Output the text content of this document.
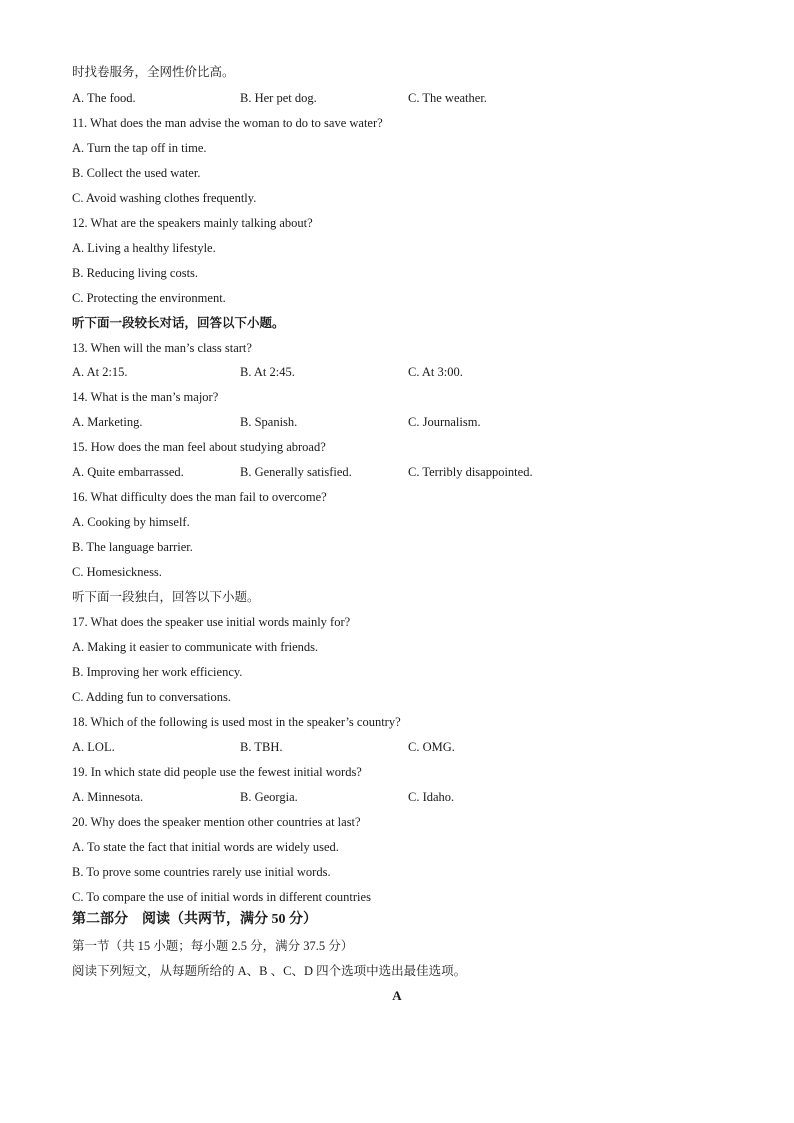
时找卷服务，全网性价比高。
A. The food.	B. Her pet dog.	C. The weather.
11. What does the man advise the woman to do to save water?
A. Turn the tap off in time.
B. Collect the used water.
C. Avoid washing clothes frequently.
12. What are the speakers mainly talking about?
A. Living a healthy lifestyle.
B. Reducing living costs.
C. Protecting the environment.
听下面一段较长对话，回答以下小题。
13. When will the man’s class start?
A. At 2:15.	B. At 2:45.	C. At 3:00.
14. What is the man’s major?
A. Marketing.	B. Spanish.	C. Journalism.
15. How does the man feel about studying abroad?
A. Quite embarrassed.	B. Generally satisfied.	C. Terribly disappointed.
16. What difficulty does the man fail to overcome?
A. Cooking by himself.
B. The language barrier.
C. Homesickness.
听下面一段独白，回答以下小题。
17. What does the speaker use initial words mainly for?
A. Making it easier to communicate with friends.
B. Improving her work efficiency.
C. Adding fun to conversations.
18. Which of the following is used most in the speaker’s country?
A. LOL.	B. TBH.	C. OMG.
19. In which state did people use the fewest initial words?
A. Minnesota.	B. Georgia.	C. Idaho.
20. Why does the speaker mention other countries at last?
A. To state the fact that initial words are widely used.
B. To prove some countries rarely use initial words.
C. To compare the use of initial words in different countries
第二部分　阅读（共两节，满分 50 分）
第一节（共 15 小题；每小题 2.5 分，满分 37.5 分）
阅读下列短文，从每题所给的 A、B 、C、D 四个选项中选出最佳选项。
A
